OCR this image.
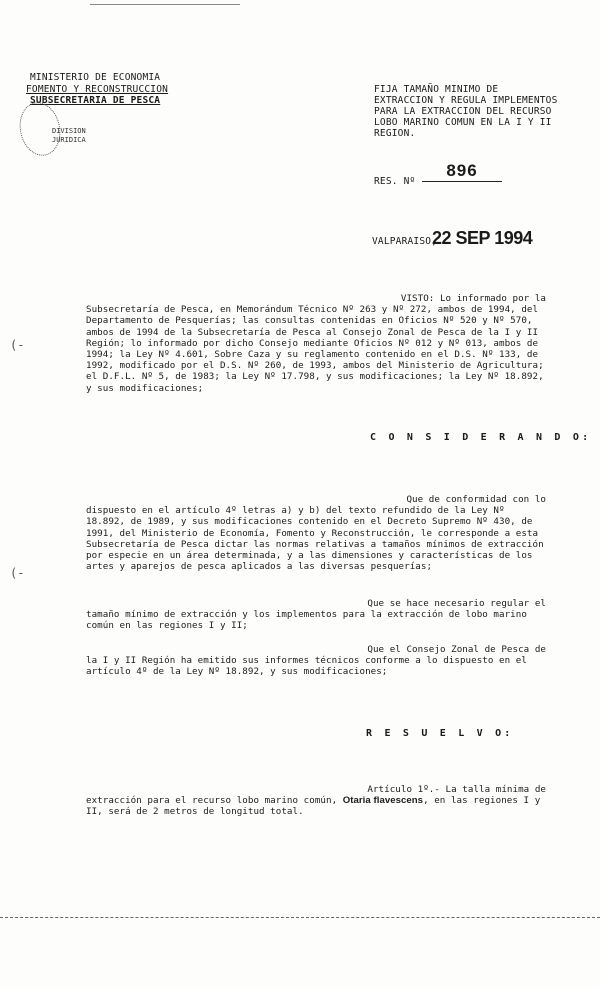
MINISTERIO DE ECONOMIA
FOMENTO Y RECONSTRUCCION
SUBSECRETARIA DE PESCA
DIVISION
JURIDICA
FIJA TAMAÑO MINIMO DE
EXTRACCION Y REGULA IMPLEMENTOS
PARA LA EXTRACCION DEL RECURSO
LOBO MARINO COMUN EN LA I Y II
REGION.
RES. Nº
896
VALPARAISO,
22 SEP 1994
(-
(-
VISTO: Lo informado por la

Subsecretaría de Pesca, en Memorándum Técnico Nº 263 y Nº 272, ambos de 1994, del Departamento de Pesquerías; las consultas contenidas en Oficios Nº 520 y Nº 570, ambos de 1994 de la Subsecretaría de Pesca al Consejo Zonal de Pesca de la I y II Región; lo informado por dicho Consejo mediante Oficios Nº 012 y Nº 013, ambos de 1994; la Ley Nº 4.601, Sobre Caza y su reglamento contenido en el D.S. Nº 133, de 1992, modificado por el D.S. Nº 260, de 1993, ambos del Ministerio de Agricultura; el D.F.L. Nº 5, de 1983; la Ley Nº 17.798, y sus modificaciones; la Ley Nº 18.892, y sus modificaciones;

C O N S I D E R A N D O:
Que de conformidad con lo

dispuesto en el artículo 4º letras a) y b) del texto refundido de la Ley Nº 18.892, de 1989, y sus modificaciones contenido en el Decreto Supremo Nº 430, de 1991, del Ministerio de Economía, Fomento y Reconstrucción, le corresponde a esta Subsecretaría de Pesca dictar las normas relativas a tamaños mínimos de extracción por especie en un área determinada, y a las dimensiones y características de los artes y aparejos de pesca aplicados a las diversas pesquerías;

Que se hace necesario regular el

tamaño mínimo de extracción y los implementos para la extracción de lobo marino común en las regiones I y II;

Que el Consejo Zonal de Pesca de

la I y II Región ha emitido sus informes técnicos conforme a lo dispuesto en el artículo 4º de la Ley Nº 18.892, y sus modificaciones;

R E S U E L V O:
Artículo 1º.- La talla mínima de

extracción para el recurso lobo marino común, Otaria flavescens, en las regiones I y II, será de 2 metros de longitud total.
